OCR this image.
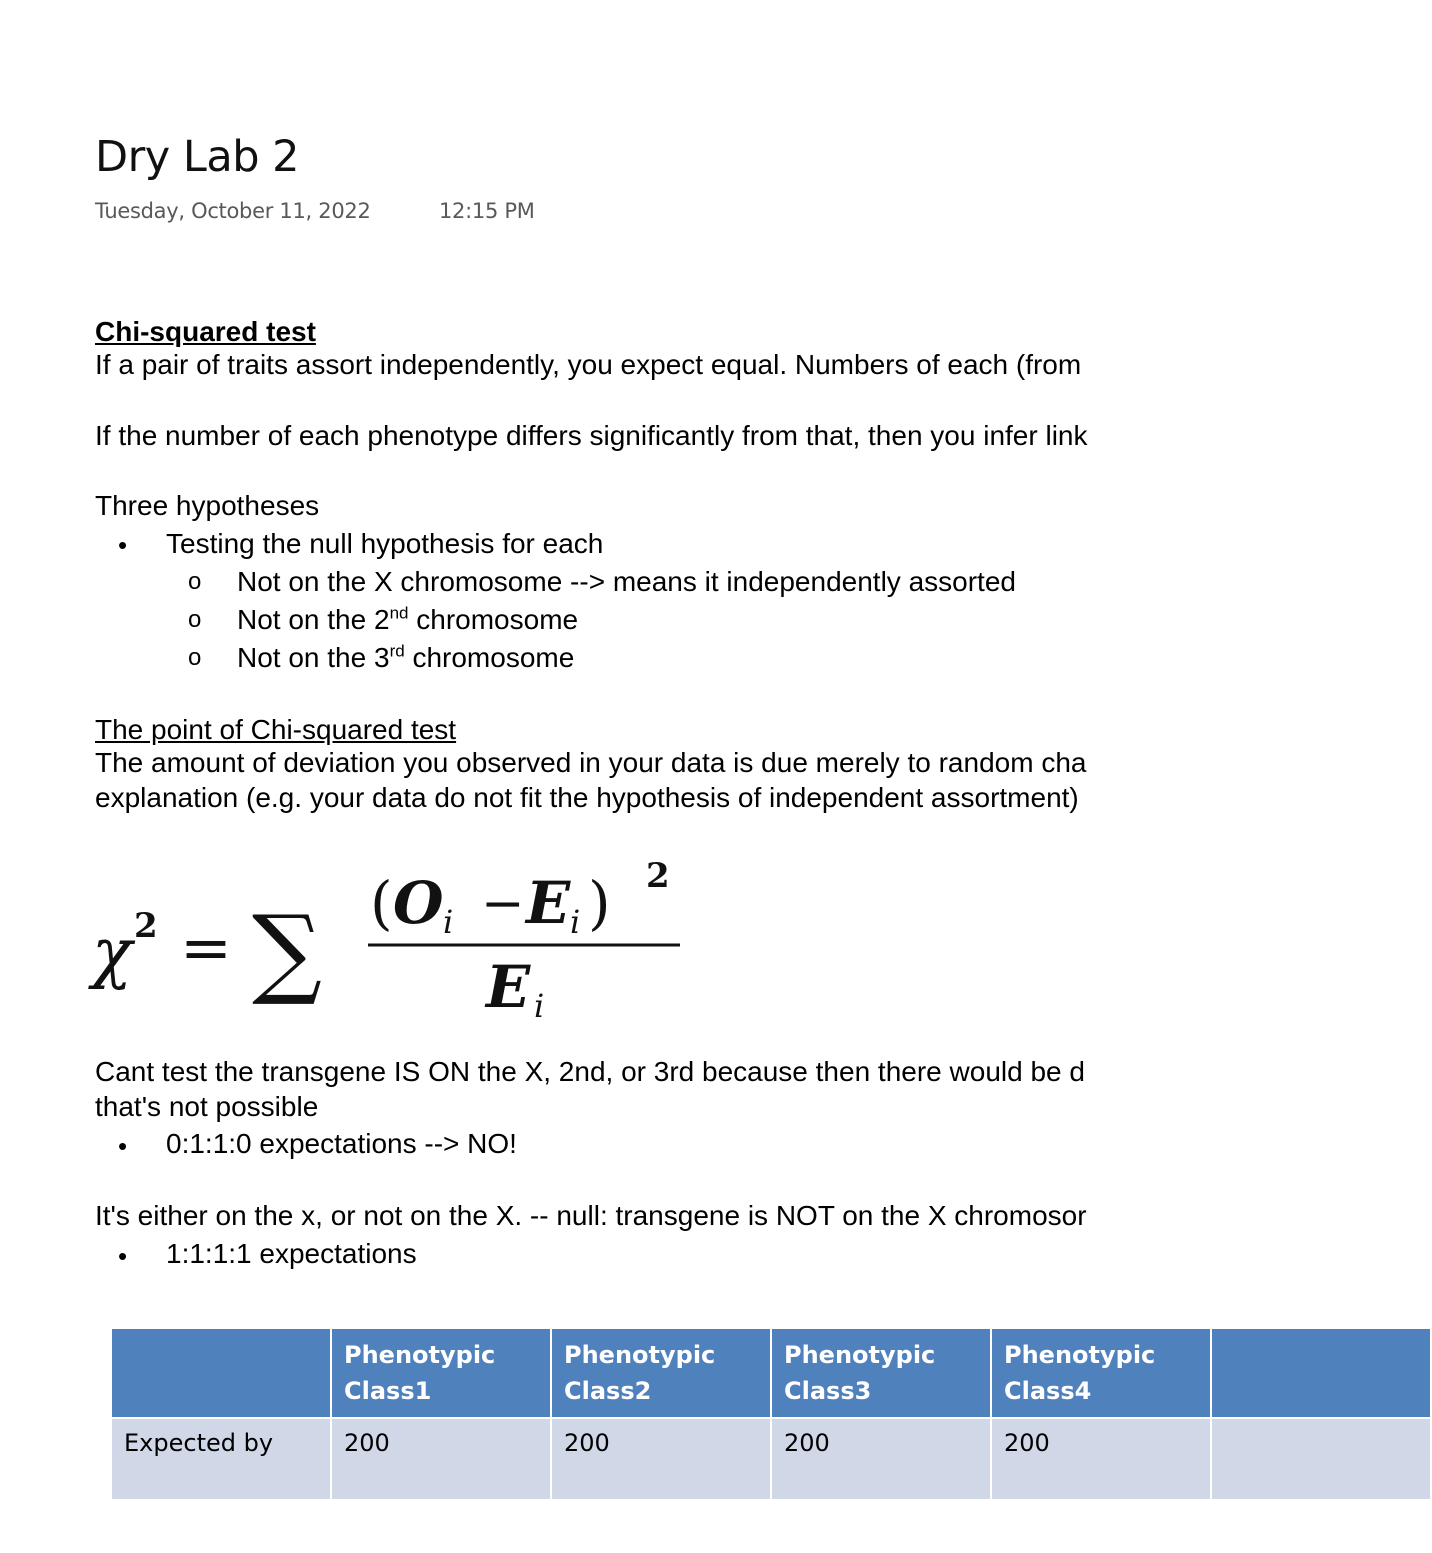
Dry Lab 2
Tuesday, October 11, 2022	12:15 PM
Chi-squared test
If a pair of traits assort independently, you expect equal. Numbers of each (from
If the number of each phenotype differs significantly from that, then you infer link
Three hypotheses
• Testing the null hypothesis for each
o Not on the X chromosome --> means it independently assorted
o Not on the 2nd chromosome
o Not on the 3rd chromosome
The point of Chi-squared test
The amount of deviation you observed in your data is due merely to random cha
explanation (e.g. your data do not fit the hypothesis of independent assortment)
χ 2 = ∑ ( O i − E i ) 2
E i
Cant test the transgene IS ON the X, 2nd, or 3rd because then there would be d
that's not possible
• 0:1:1:0 expectations --> NO!
It's either on the x, or not on the X. -- null: transgene is NOT on the X chromosor
• 1:1:1:1 expectations
	Phenotypic Class1	Phenotypic Class2	Phenotypic Class3	Phenotypic Class4	
Expected by	200	200	200	200	
